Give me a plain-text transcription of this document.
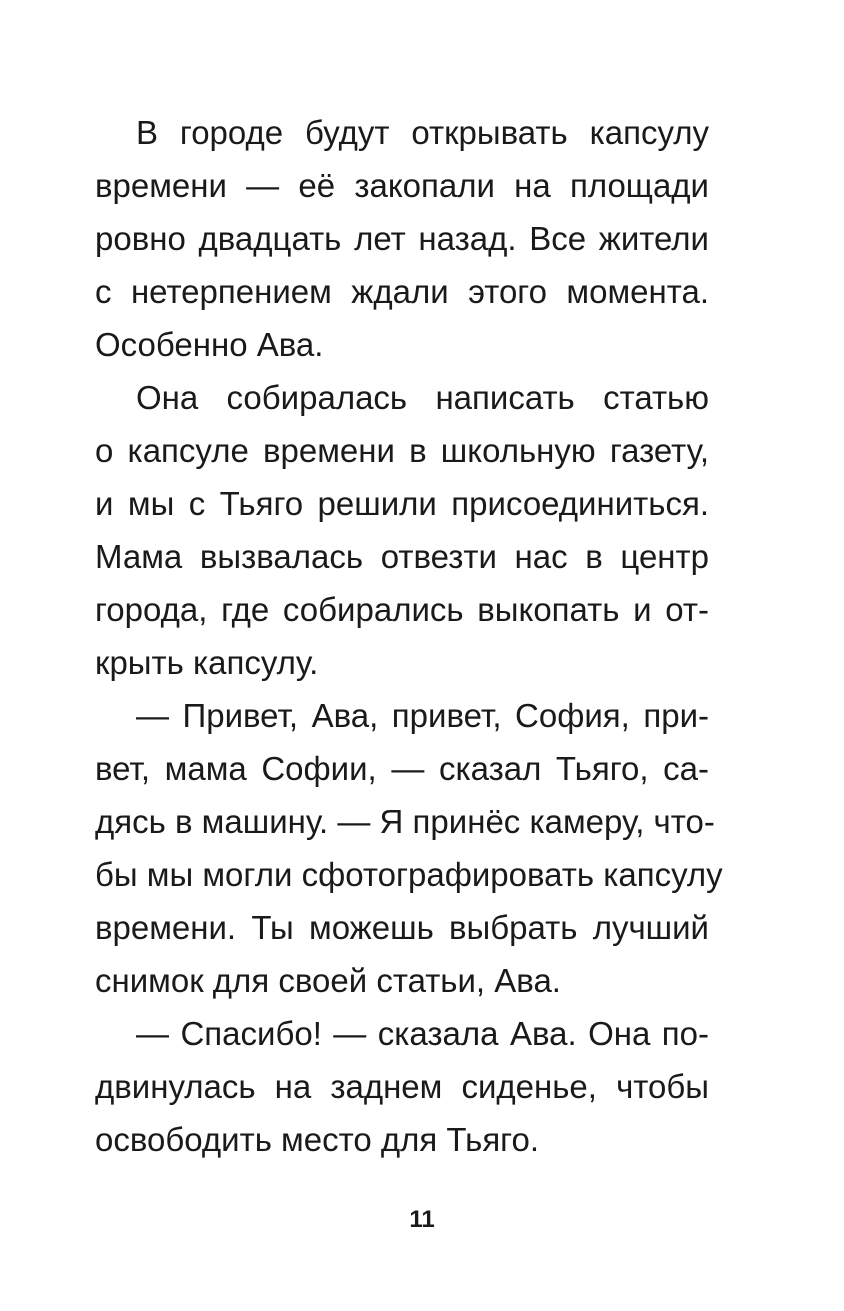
В городе будут открывать капсулу
времени — её закопали на площади
ровно двадцать лет назад. Все жители
с нетерпением ждали этого момента.
Особенно Ава.
Она собиралась написать статью
о капсуле времени в школьную газету,
и мы с Тьяго решили присоединиться.
Мама вызвалась отвезти нас в центр
города, где собирались выкопать и от-
крыть капсулу.
— Привет, Ава, привет, София, при-
вет, мама Софии, — сказал Тьяго, са-
дясь в машину. — Я принёс камеру, что-
бы мы могли сфотографировать капсулу
времени. Ты можешь выбрать лучший
снимок для своей статьи, Ава.
— Спасибо! — сказала Ава. Она по-
двинулась на заднем сиденье, чтобы
освободить место для Тьяго.
11
